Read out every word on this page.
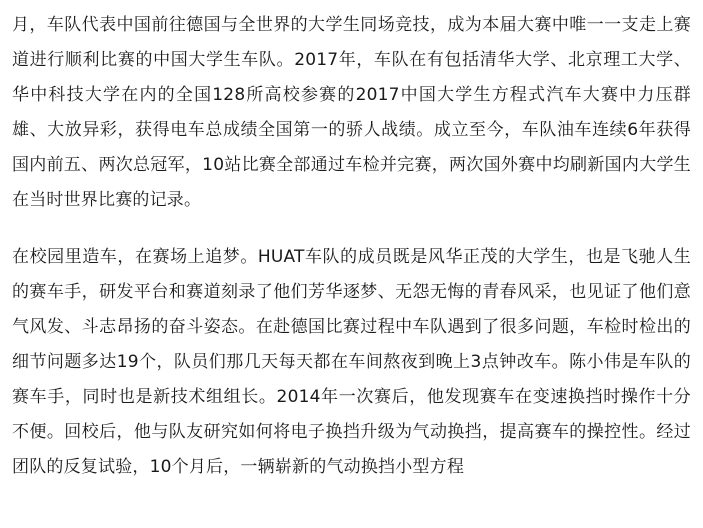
月，车队代表中国前往德国与全世界的大学生同场竞技，成为本届大赛中唯一一支走上赛道进行顺利比赛的中国大学生车队。2017年，车队在有包括清华大学、北京理工大学、华中科技大学在内的全国128所高校参赛的2017中国大学生方程式汽车大赛中力压群雄、大放异彩，获得电车总成绩全国第一的骄人战绩。成立至今，车队油车连续6年获得国内前五、两次总冠军，10站比赛全部通过车检并完赛，两次国外赛中均刷新国内大学生在当时世界比赛的记录。

在校园里造车，在赛场上追梦。HUAT车队的成员既是风华正茂的大学生，也是飞驰人生的赛车手，研发平台和赛道刻录了他们芳华逐梦、无怨无悔的青春风采，也见证了他们意气风发、斗志昂扬的奋斗姿态。在赴德国比赛过程中车队遇到了很多问题，车检时检出的细节问题多达19个，队员们那几天每天都在车间熬夜到晚上3点钟改车。陈小伟是车队的赛车手，同时也是新技术组组长。2014年一次赛后，他发现赛车在变速换挡时操作十分不便。回校后，他与队友研究如何将电子换挡升级为气动换挡，提高赛车的操控性。经过团队的反复试验，10个月后，一辆崭新的气动换挡小型方程
